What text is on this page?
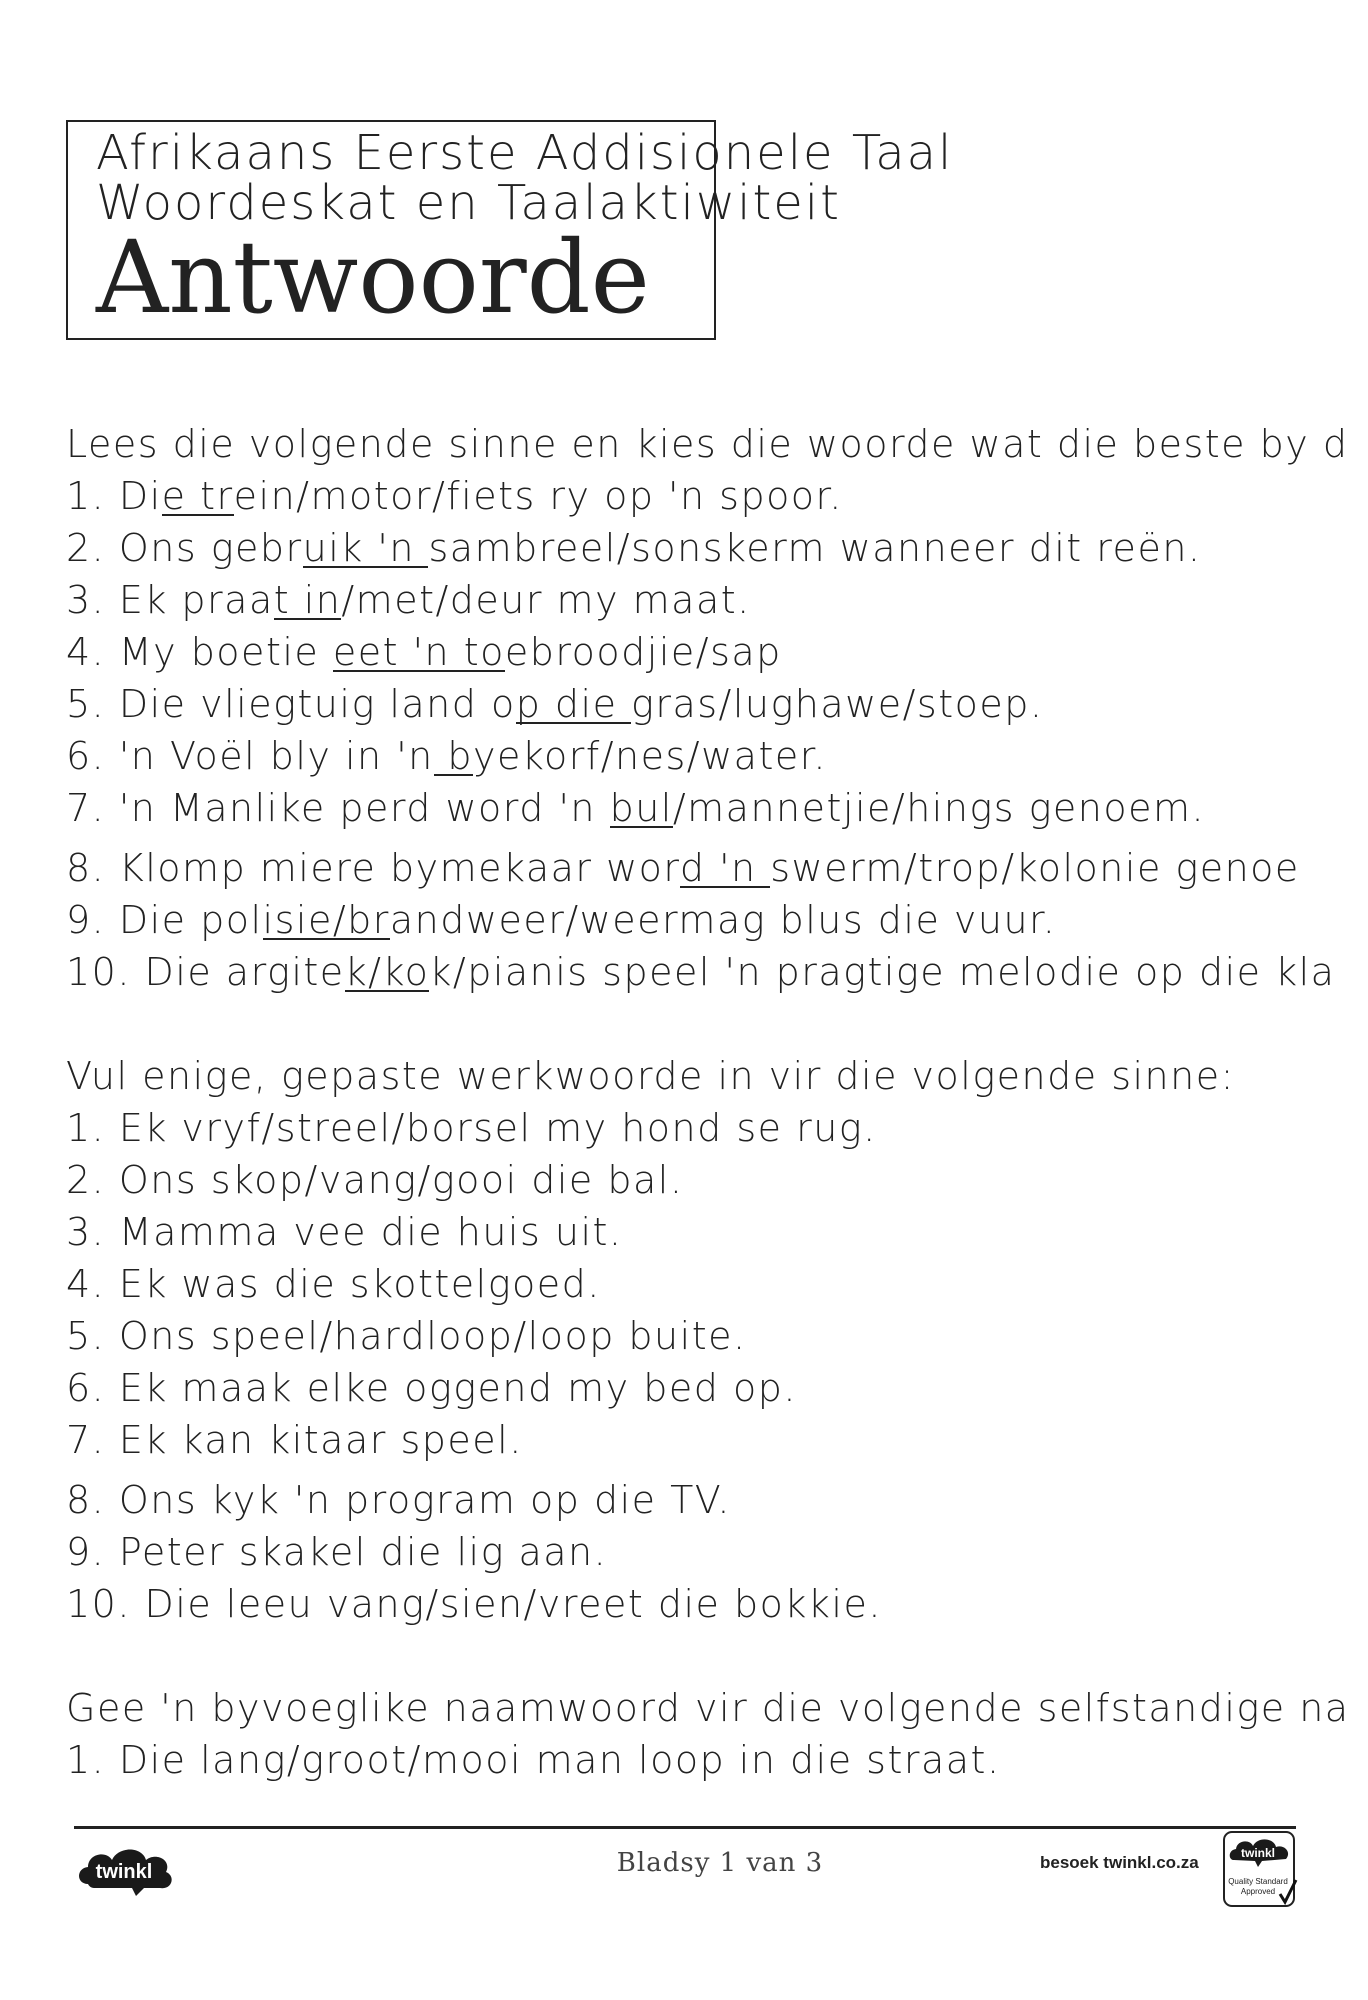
Afrikaans Eerste Addisionele Taal
Woordeskat en Taalaktiwiteit
Antwoorde
Lees die volgende sinne en kies die woorde wat die beste by d
1. Die trein/motor/fiets ry op 'n spoor.
2. Ons gebruik 'n sambreel/sonskerm wanneer dit reën.
3. Ek praat in/met/deur my maat.
4. My boetie eet 'n toebroodjie/sap
5. Die vliegtuig land op die gras/lughawe/stoep.
6. 'n Voël bly in 'n byekorf/nes/water.
7. 'n Manlike perd word 'n bul/mannetjie/hings genoem.
8. Klomp miere bymekaar word 'n swerm/trop/kolonie genoe
9. Die polisie/brandweer/weermag blus die vuur.
10. Die argitek/kok/pianis speel 'n pragtige melodie op die kla
Vul enige, gepaste werkwoorde in vir die volgende sinne:
1. Ek vryf/streel/borsel my hond se rug.
2. Ons skop/vang/gooi die bal.
3. Mamma vee die huis uit.
4. Ek was die skottelgoed.
5. Ons speel/hardloop/loop buite.
6. Ek maak elke oggend my bed op.
7. Ek kan kitaar speel.
8. Ons kyk 'n program op die TV.
9. Peter skakel die lig aan.
10. Die leeu vang/sien/vreet die bokkie.
Gee 'n byvoeglike naamwoord vir die volgende selfstandige na
1. Die lang/groot/mooi man loop in die straat.
twinkl	Bladsy 1 van 3	besoek twinkl.co.za	twinkl
Quality Standard
Approved
